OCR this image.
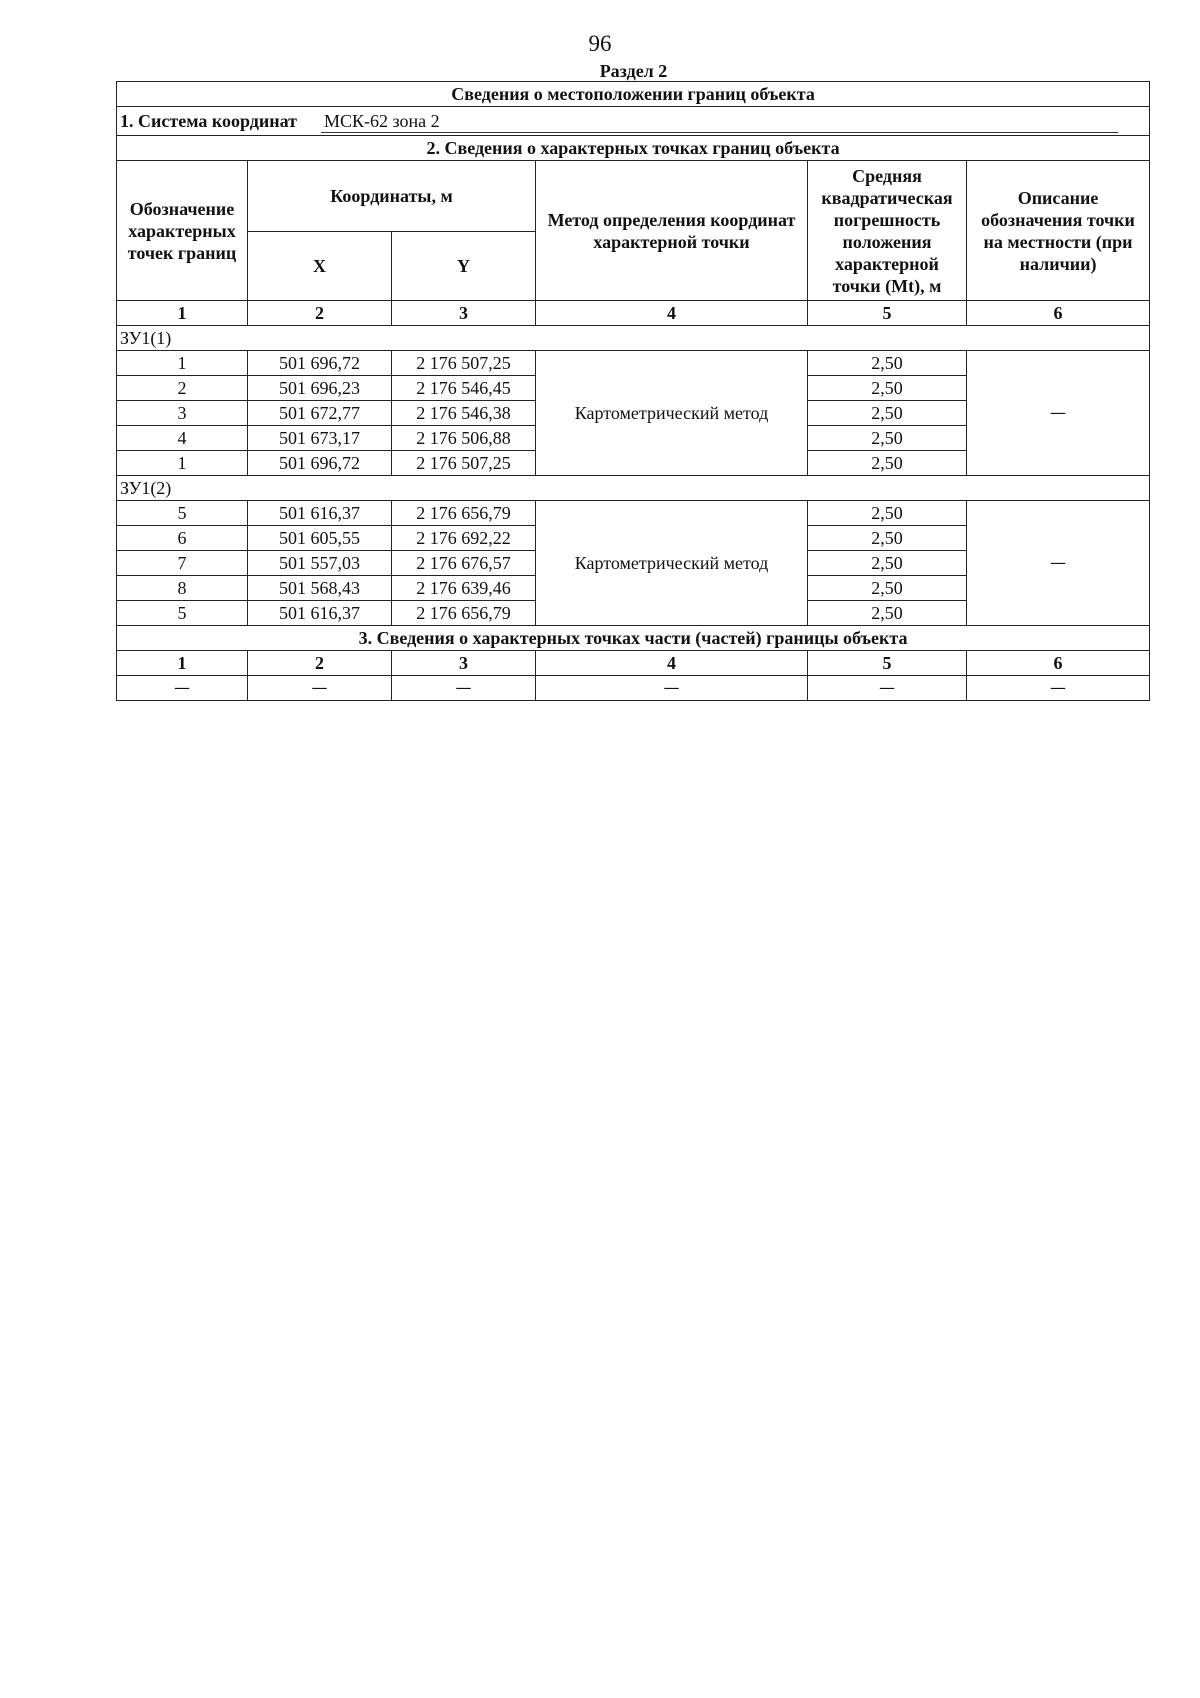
96
Раздел 2
Сведения о местоположении границ объекта					
1. Система координат МСК-62 зона 2					
2. Сведения о характерных точках границ объекта					
Обозначение характерных точек границ	Координаты, м		Метод определения координат характерной точки	Средняя квадратическая погрешность положения характерной точки (Mt), м	Описание обозначения точки на местности (при наличии)
	X	Y			
1	2	3	4	5	6
ЗУ1(1)					
1	501 696,72	2 176 507,25	Картометрический метод	2,50	—
2	501 696,23	2 176 546,45		2,50	
3	501 672,77	2 176 546,38		2,50	
4	501 673,17	2 176 506,88		2,50	
1	501 696,72	2 176 507,25		2,50	
ЗУ1(2)					
5	501 616,37	2 176 656,79	Картометрический метод	2,50	—
6	501 605,55	2 176 692,22		2,50	
7	501 557,03	2 176 676,57		2,50	
8	501 568,43	2 176 639,46		2,50	
5	501 616,37	2 176 656,79		2,50	
3. Сведения о характерных точках части (частей) границы объекта					
1	2	3	4	5	6
—	—	—	—	—	—
